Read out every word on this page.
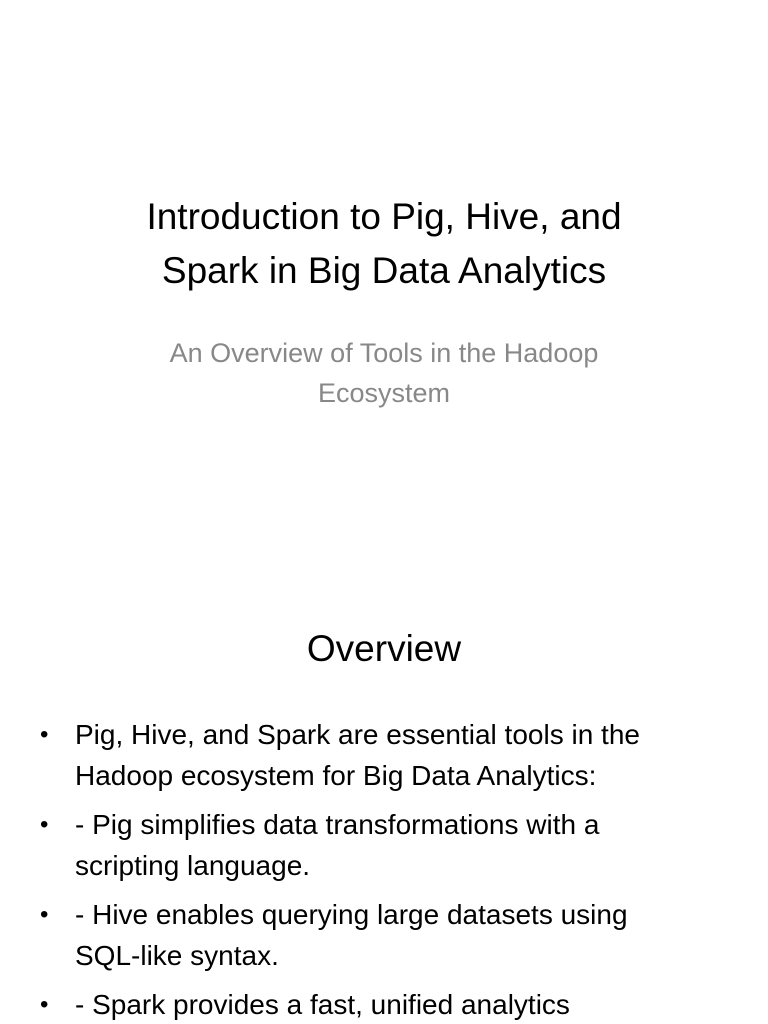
Introduction to Pig, Hive, and
Spark in Big Data Analytics

An Overview of Tools in the Hadoop
Ecosystem

Overview
• Pig, Hive, and Spark are essential tools in the
Hadoop ecosystem for Big Data Analytics:
• - Pig simplifies data transformations with a
scripting language.
• - Hive enables querying large datasets using
SQL-like syntax.
• - Spark provides a fast, unified analytics
